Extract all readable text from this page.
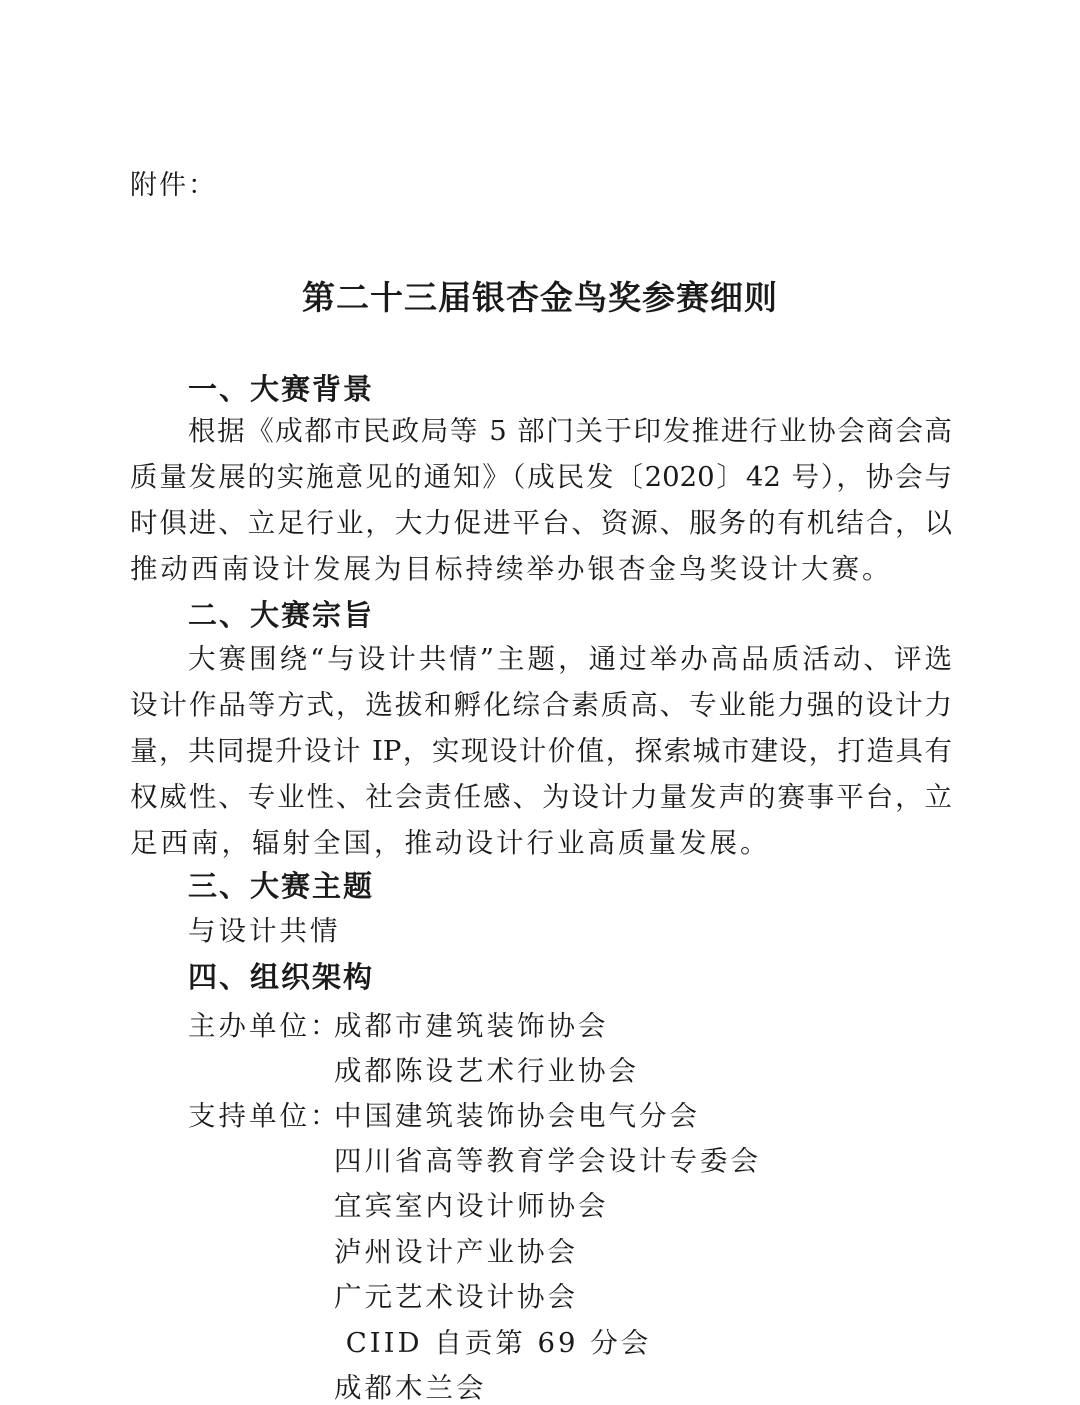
附件：
第二十三届银杏金鸟奖参赛细则
一、大赛背景
根据《成都市民政局等 5 部门关于印发推进行业协会商会高
质量发展的实施意见的通知》（成民发〔2020〕42 号），协会与
时俱进、立足行业，大力促进平台、资源、服务的有机结合，以
推动西南设计发展为目标持续举办银杏金鸟奖设计大赛。
二、大赛宗旨
大赛围绕“与设计共情”主题，通过举办高品质活动、评选
设计作品等方式，选拔和孵化综合素质高、专业能力强的设计力
量，共同提升设计 IP，实现设计价值，探索城市建设，打造具有
权威性、专业性、社会责任感、为设计力量发声的赛事平台，立
足西南，辐射全国，推动设计行业高质量发展。
三、大赛主题
与设计共情
四、组织架构
主办单位：
成都市建筑装饰协会
成都陈设艺术行业协会
支持单位：
中国建筑装饰协会电气分会
四川省高等教育学会设计专委会
宜宾室内设计师协会
泸州设计产业协会
广元艺术设计协会
CIID 自贡第 69 分会
成都木兰会
